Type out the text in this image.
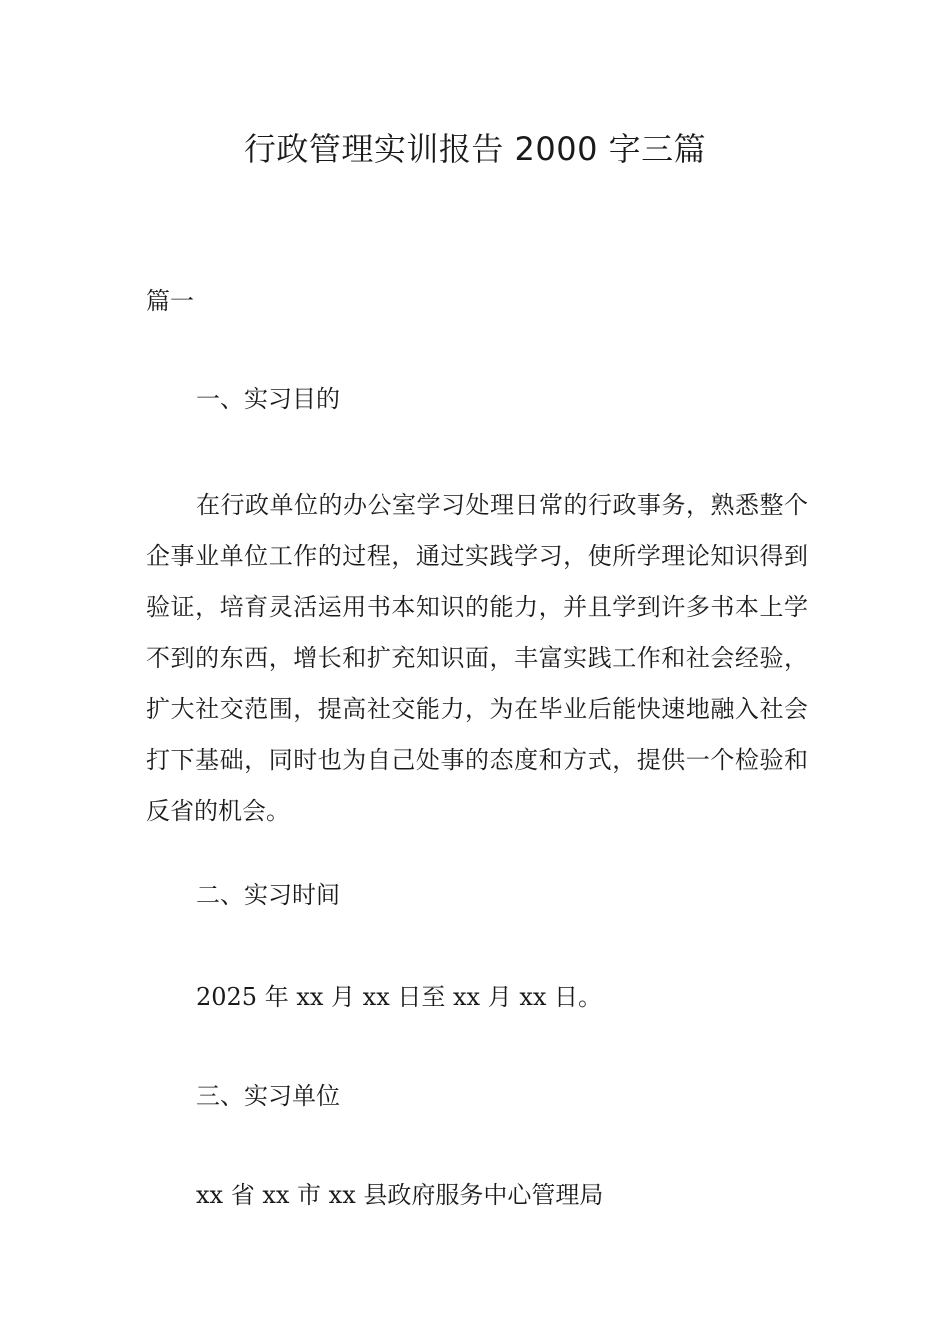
行政管理实训报告 2000 字三篇

篇一

一、实习目的

在行政单位的办公室学习处理日常的行政事务，熟悉整个企事业单位工作的过程，通过实践学习，使所学理论知识得到验证，培育灵活运用书本知识的能力，并且学到许多书本上学不到的东西，增长和扩充知识面，丰富实践工作和社会经验，扩大社交范围，提高社交能力，为在毕业后能快速地融入社会打下基础，同时也为自己处事的态度和方式，提供一个检验和反省的机会。

二、实习时间

2025 年 xx 月 xx 日至 xx 月 xx 日。

三、实习单位

xx 省 xx 市 xx 县政府服务中心管理局
